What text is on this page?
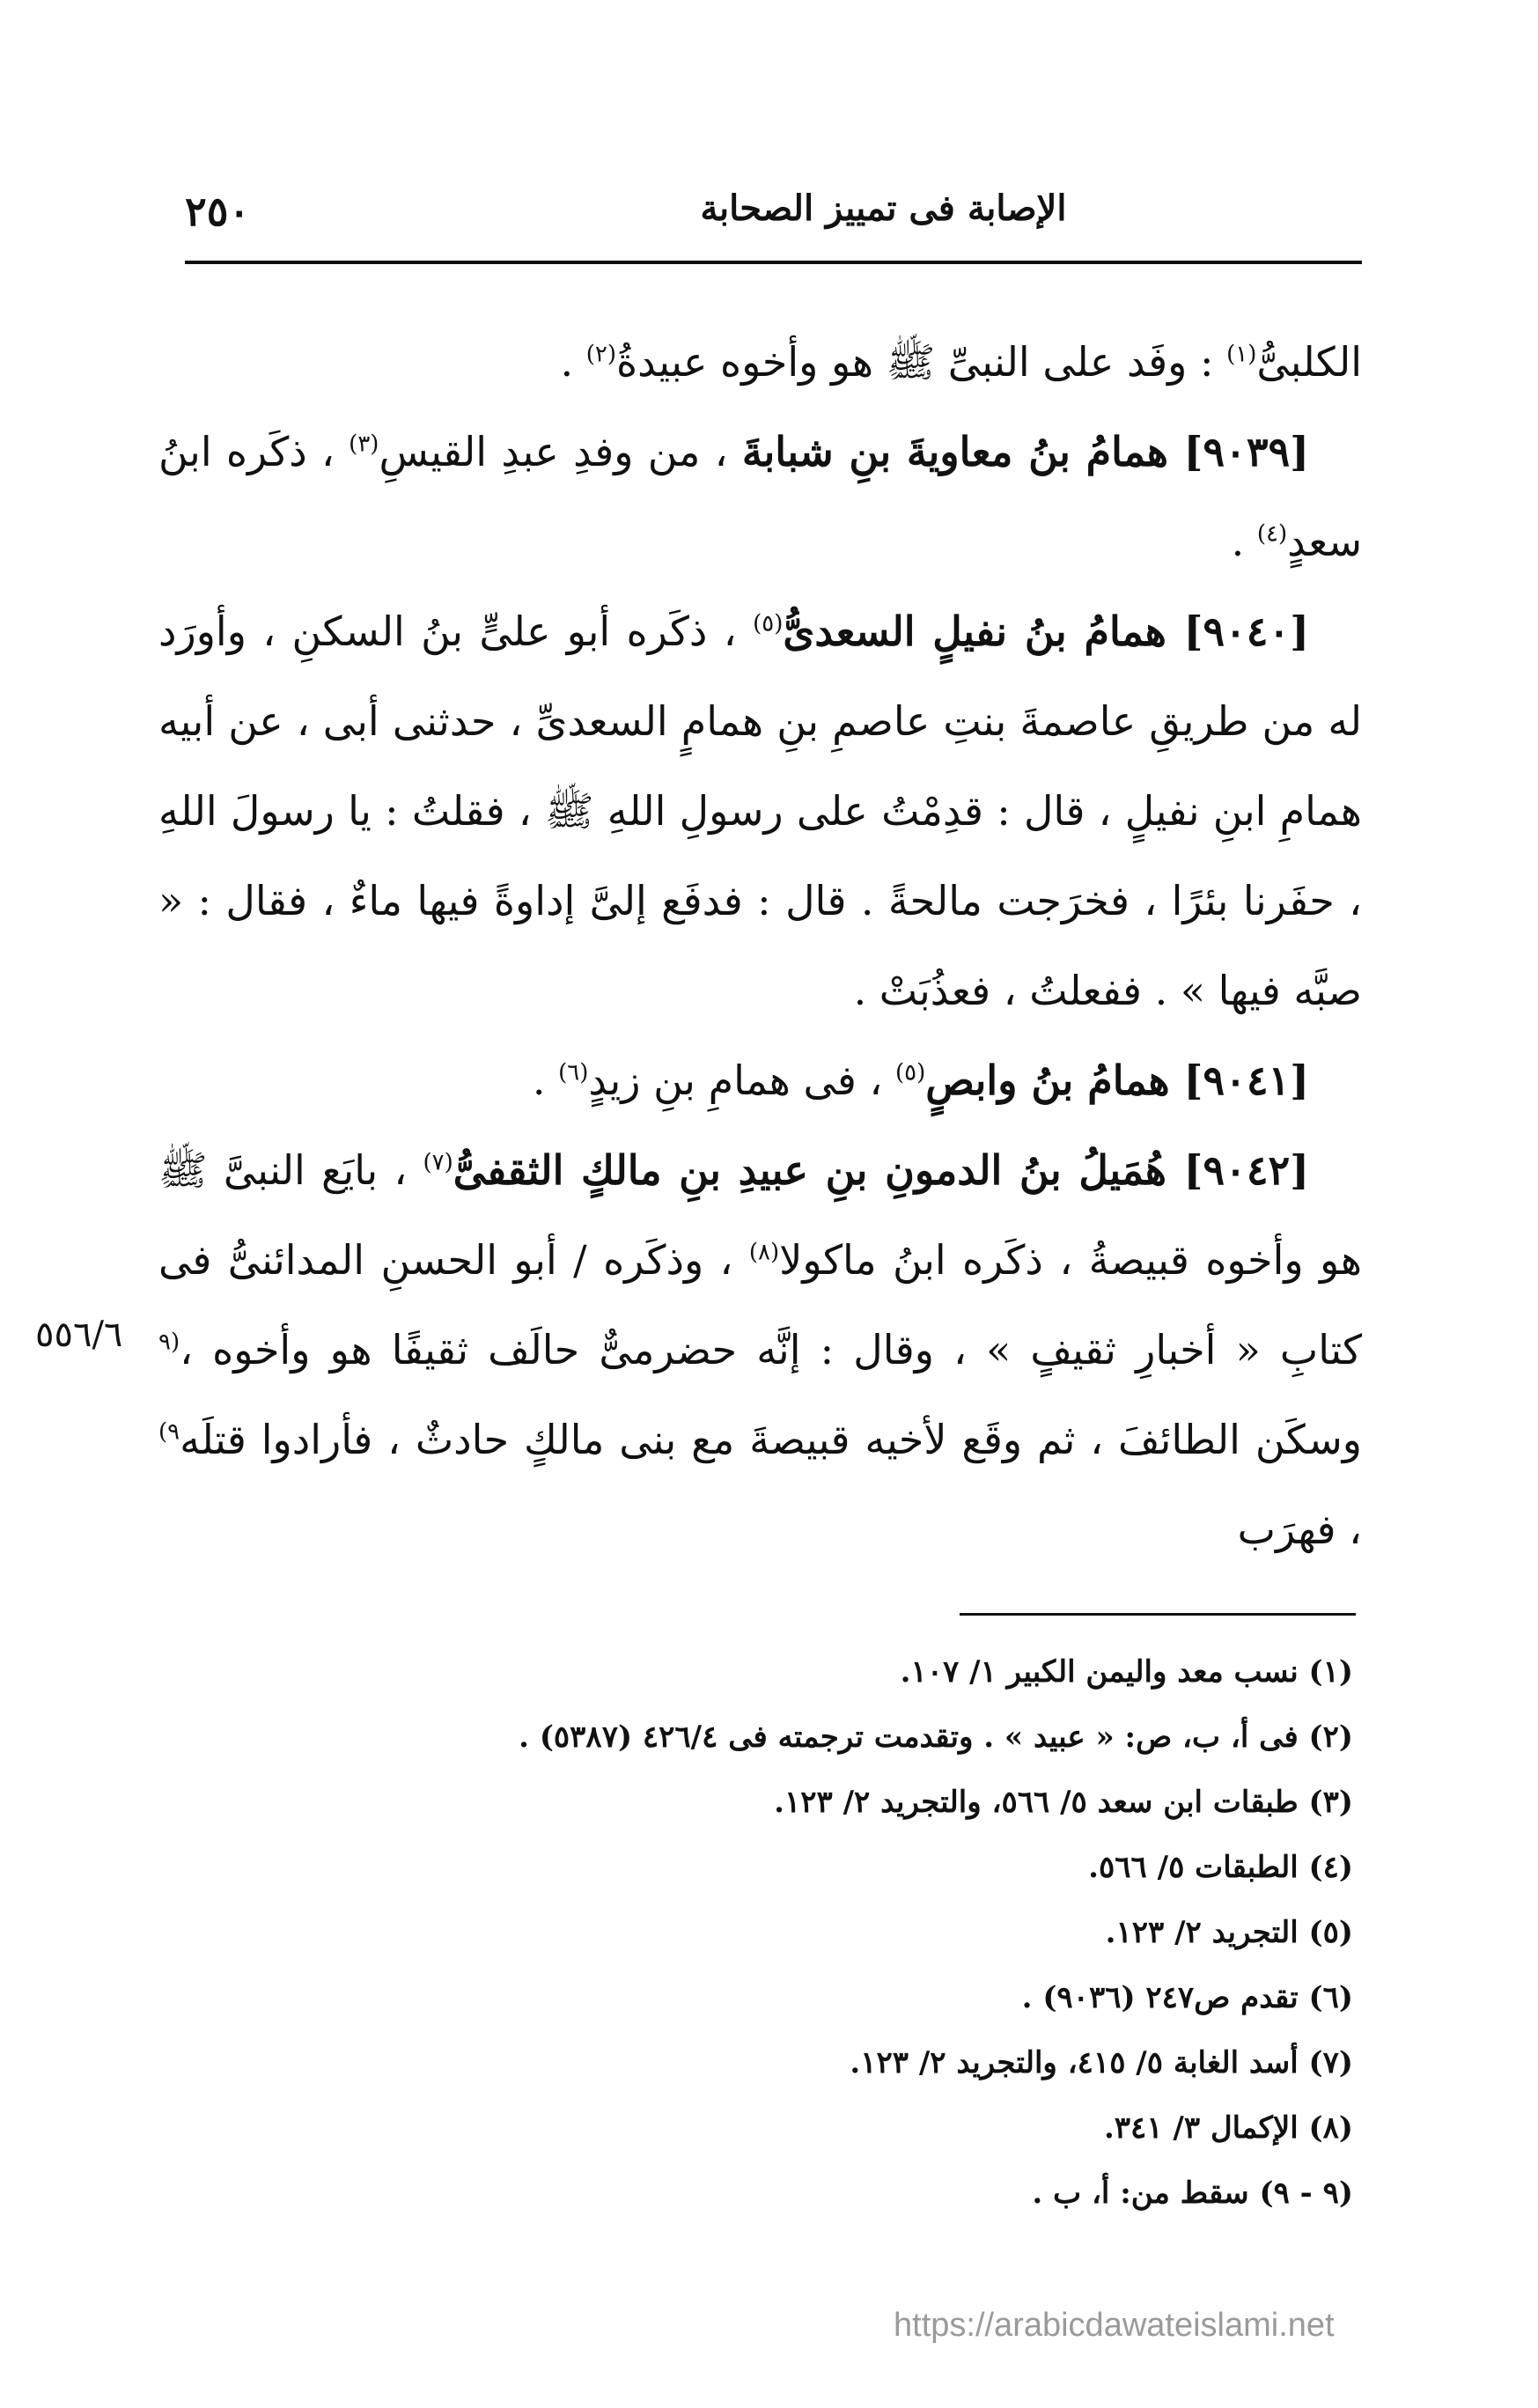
الإصابة فى تمييز الصحابة
٢٥٠
٥٥٦/٦

الكلبىُّ$^{(١)}$ : وفَد على النبىِّ ﷺ هو وأخوه عبيدةُ$^{(٢)}$ .

[٩٠٣٩] همامُ بنُ معاويةَ بنِ شبابةَ ، من وفدِ عبدِ القيسِ$^{(٣)}$ ، ذكَره ابنُ سعدٍ$^{(٤)}$ .

[٩٠٤٠] همامُ بنُ نفيلٍ السعدىُّ$^{(٥)}$ ، ذكَره أبو علىٍّ بنُ السكنِ ، وأورَد له من طريقِ عاصمةَ بنتِ عاصمِ بنِ همامٍ السعدىِّ ، حدثنى أبى ، عن أبيه همامِ ابنِ نفيلٍ ، قال : قدِمْتُ على رسولِ اللهِ ﷺ ، فقلتُ : يا رسولَ اللهِ ، حفَرنا بئرًا ، فخرَجت مالحةً . قال : فدفَع إلىَّ إداوةً فيها ماءٌ ، فقال : « صبَّه فيها » . ففعلتُ ، فعذُبَتْ .

[٩٠٤١] همامُ بنُ وابصٍ$^{(٥)}$ ، فى همامِ بنِ زيدٍ$^{(٦)}$ .

[٩٠٤٢] هُمَيلُ بنُ الدمونِ بنِ عبيدِ بنِ مالكٍ الثقفىُّ$^{(٧)}$ ، بايَع النبىَّ ﷺ هو وأخوه قبيصةُ ، ذكَره ابنُ ماكولا$^{(٨)}$ ، وذكَره / أبو الحسنِ المدائنىُّ فى كتابِ « أخبارِ ثقيفٍ » ، وقال : إنَّه حضرمىٌّ حالَف ثقيفًا هو وأخوه ،$^{(٩}$ وسكَن الطائفَ ، ثم وقَع لأخيه قبيصةَ مع بنى مالكٍ حادثٌ ، فأرادوا قتلَه$^{٩)}$ ، فهرَب

(١) نسب معد واليمن الكبير ١/ ١٠٧.

(٢) فى أ، ب، ص: « عبيد » . وتقدمت ترجمته فى ٤٢٦/٤ (٥٣٨٧) .

(٣) طبقات ابن سعد ٥/ ٥٦٦، والتجريد ٢/ ١٢٣.

(٤) الطبقات ٥/ ٥٦٦.

(٥) التجريد ٢/ ١٢٣.

(٦) تقدم ص٢٤٧ (٩٠٣٦) .

(٧) أسد الغابة ٥/ ٤١٥، والتجريد ٢/ ١٢٣.

(٨) الإكمال ٣/ ٣٤١.

(٩ - ٩) سقط من: أ، ب .

https://arabicdawateislami.net
